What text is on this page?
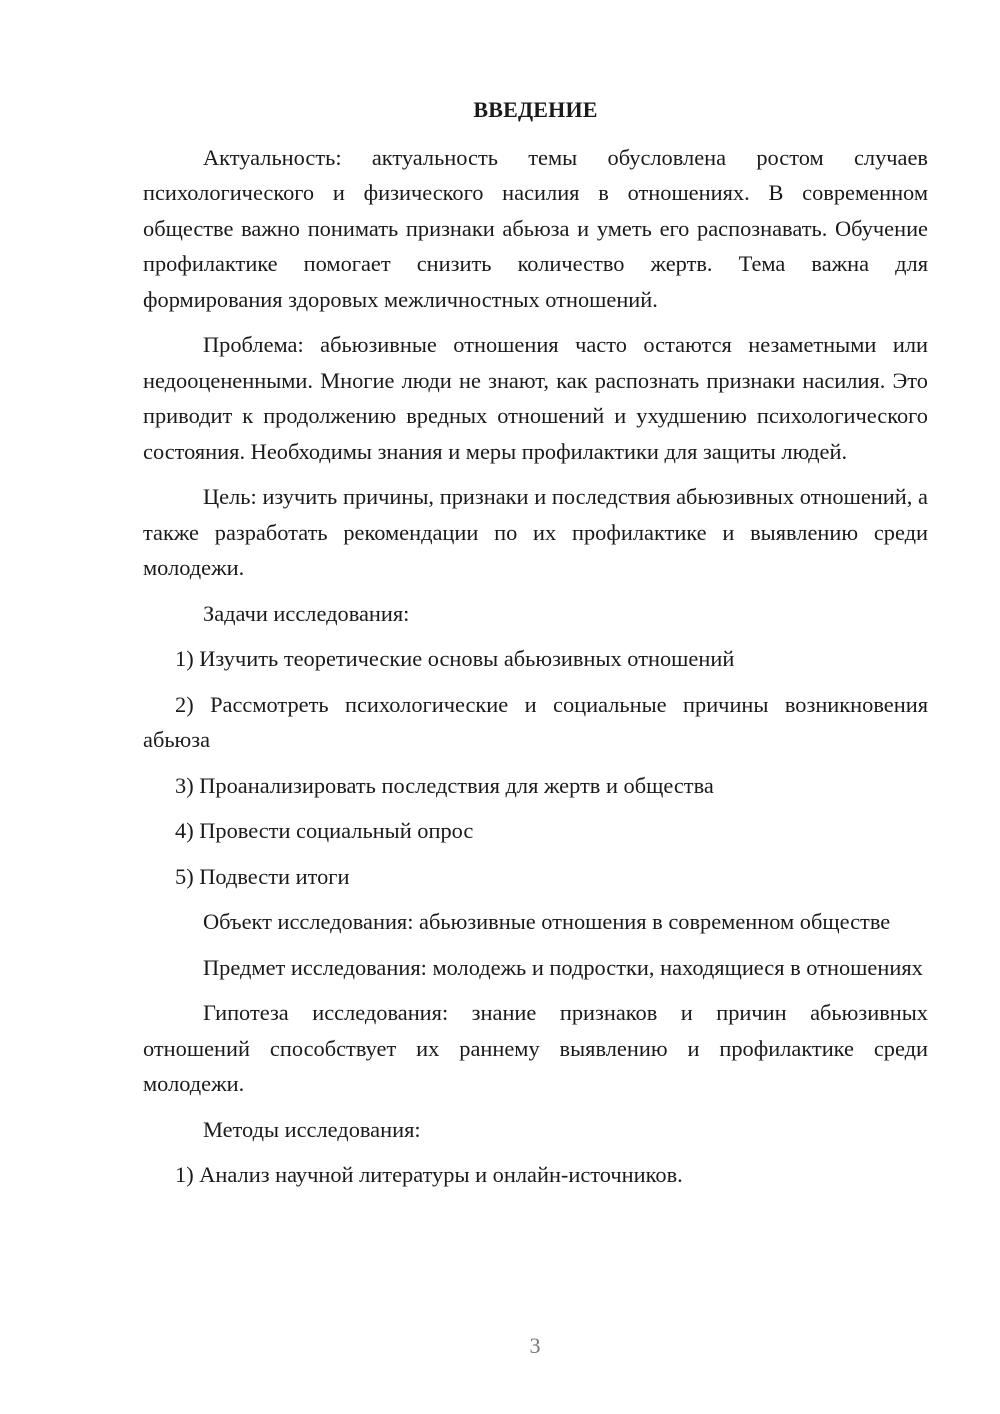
ВВЕДЕНИЕ

Актуальность: актуальность темы обусловлена ростом случаев психологического и физического насилия в отношениях. В современном обществе важно понимать признаки абьюза и уметь его распознавать. Обучение профилактике помогает снизить количество жертв. Тема важна для формирования здоровых межличностных отношений.

Проблема: абьюзивные отношения часто остаются незаметными или недооцененными. Многие люди не знают, как распознать признаки насилия. Это приводит к продолжению вредных отношений и ухудшению психологического состояния. Необходимы знания и меры профилактики для защиты людей.

Цель: изучить причины, признаки и последствия абьюзивных отношений, а также разработать рекомендации по их профилактике и выявлению среди молодежи.

Задачи исследования:

1) Изучить теоретические основы абьюзивных отношений

2) Рассмотреть психологические и социальные причины возникновения абьюза

3) Проанализировать последствия для жертв и общества

4) Провести социальный опрос

5) Подвести итоги

Объект исследования: абьюзивные отношения в современном обществе

Предмет исследования: молодежь и подростки, находящиеся в отношениях

Гипотеза исследования: знание признаков и причин абьюзивных отношений способствует их раннему выявлению и профилактике среди молодежи.

Методы исследования:

1) Анализ научной литературы и онлайн-источников.

3
